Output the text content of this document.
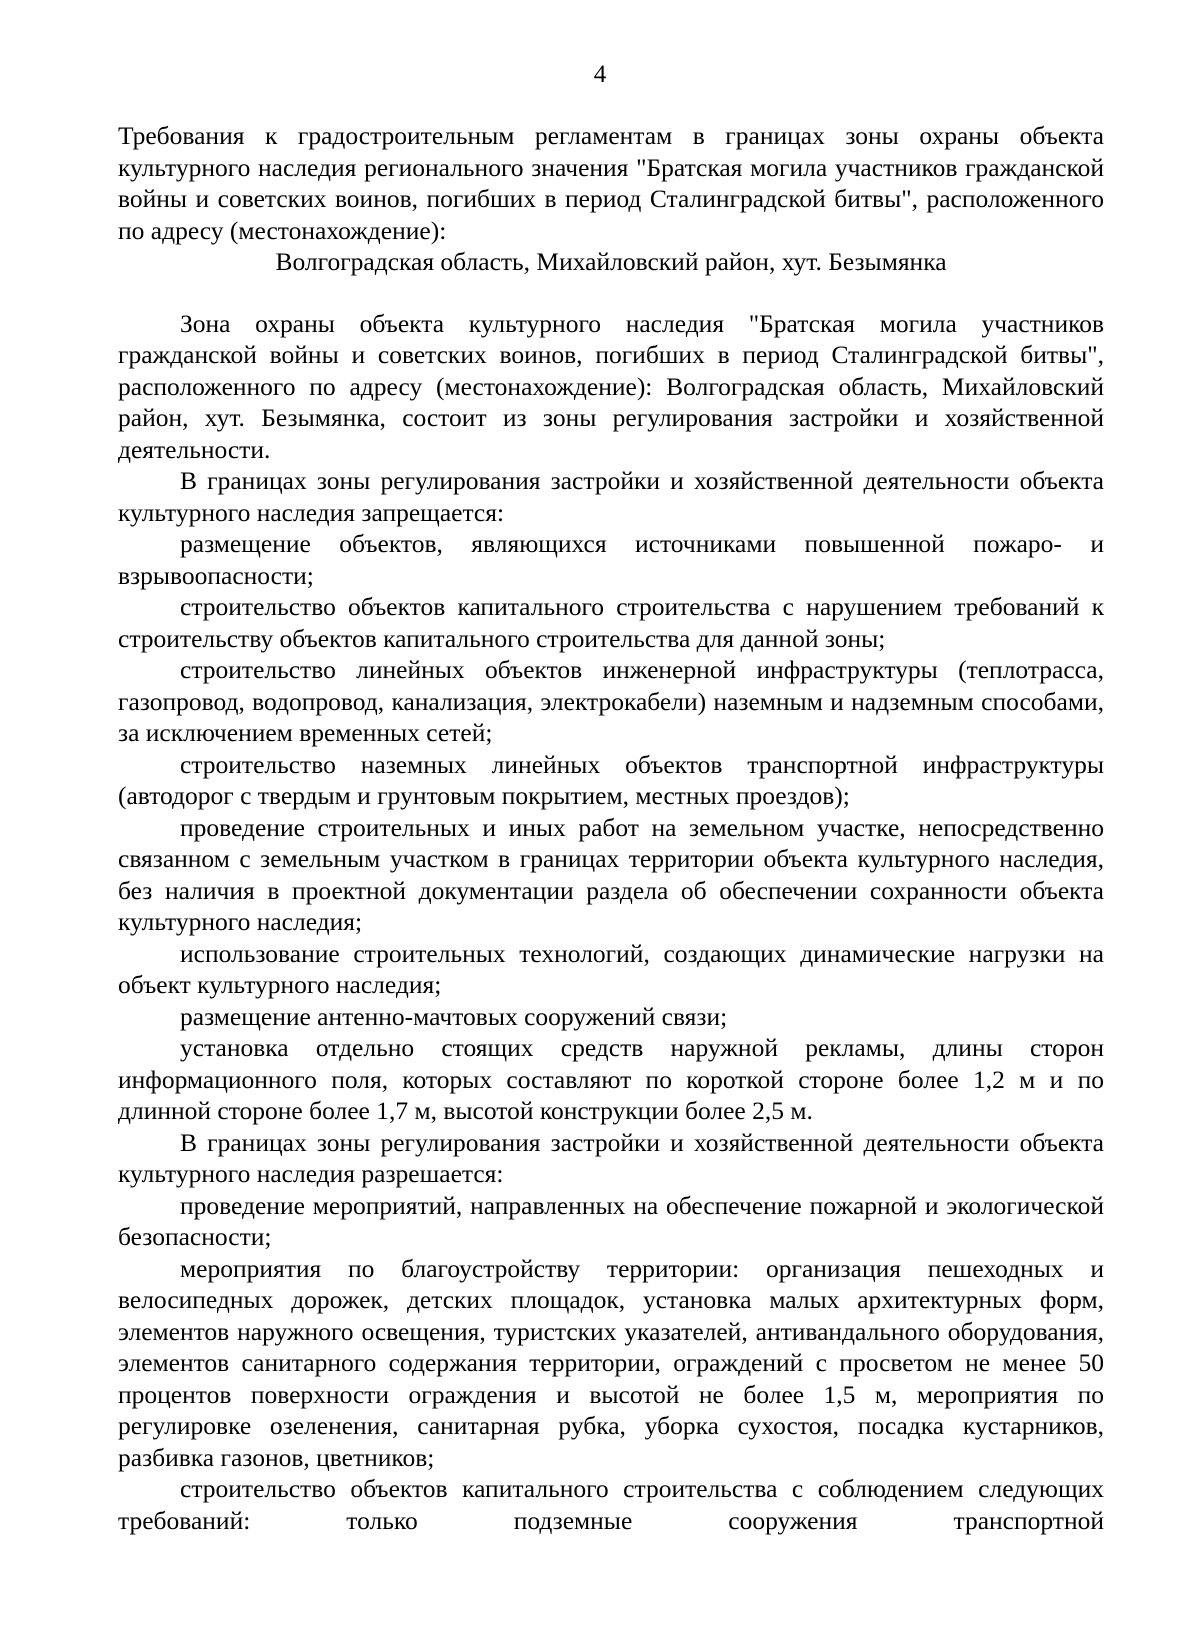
4

Требования к градостроительным регламентам в границах зоны охраны объекта культурного наследия регионального значения "Братская могила участников гражданской войны и советских воинов, погибших в период Сталинградской битвы", расположенного по адресу (местонахождение):

Волгоградская область, Михайловский район, хут. Безымянка

Зона охраны объекта культурного наследия "Братская могила участников гражданской войны и советских воинов, погибших в период Сталинградской битвы", расположенного по адресу (местонахождение): Волгоградская область, Михайловский район, хут. Безымянка, состоит из зоны регулирования застройки и хозяйственной деятельности.

В границах зоны регулирования застройки и хозяйственной деятельности объекта культурного наследия запрещается:

размещение объектов, являющихся источниками повышенной пожаро- и взрывоопасности;

строительство объектов капитального строительства с нарушением требований к строительству объектов капитального строительства для данной зоны;

строительство линейных объектов инженерной инфраструктуры (теплотрасса, газопровод, водопровод, канализация, электрокабели) наземным и надземным способами, за исключением временных сетей;

строительство наземных линейных объектов транспортной инфраструктуры (автодорог с твердым и грунтовым покрытием, местных проездов);

проведение строительных и иных работ на земельном участке, непосредственно связанном с земельным участком в границах территории объекта культурного наследия, без наличия в проектной документации раздела об обеспечении сохранности объекта культурного наследия;

использование строительных технологий, создающих динамические нагрузки на объект культурного наследия;

размещение антенно-мачтовых сооружений связи;

установка отдельно стоящих средств наружной рекламы, длины сторон информационного поля, которых составляют по короткой стороне более 1,2 м и по длинной стороне более 1,7 м, высотой конструкции более 2,5 м.

В границах зоны регулирования застройки и хозяйственной деятельности объекта культурного наследия разрешается:

проведение мероприятий, направленных на обеспечение пожарной и экологической безопасности;

мероприятия по благоустройству территории: организация пешеходных и велосипедных дорожек, детских площадок, установка малых архитектурных форм, элементов наружного освещения, туристских указателей, антивандального оборудования, элементов санитарного содержания территории, ограждений с просветом не менее 50 процентов поверхности ограждения и высотой не более 1,5 м, мероприятия по регулировке озеленения, санитарная рубка, уборка сухостоя, посадка кустарников, разбивка газонов, цветников;

строительство объектов капитального строительства с соблюдением следующих требований: только подземные сооружения транспортной
